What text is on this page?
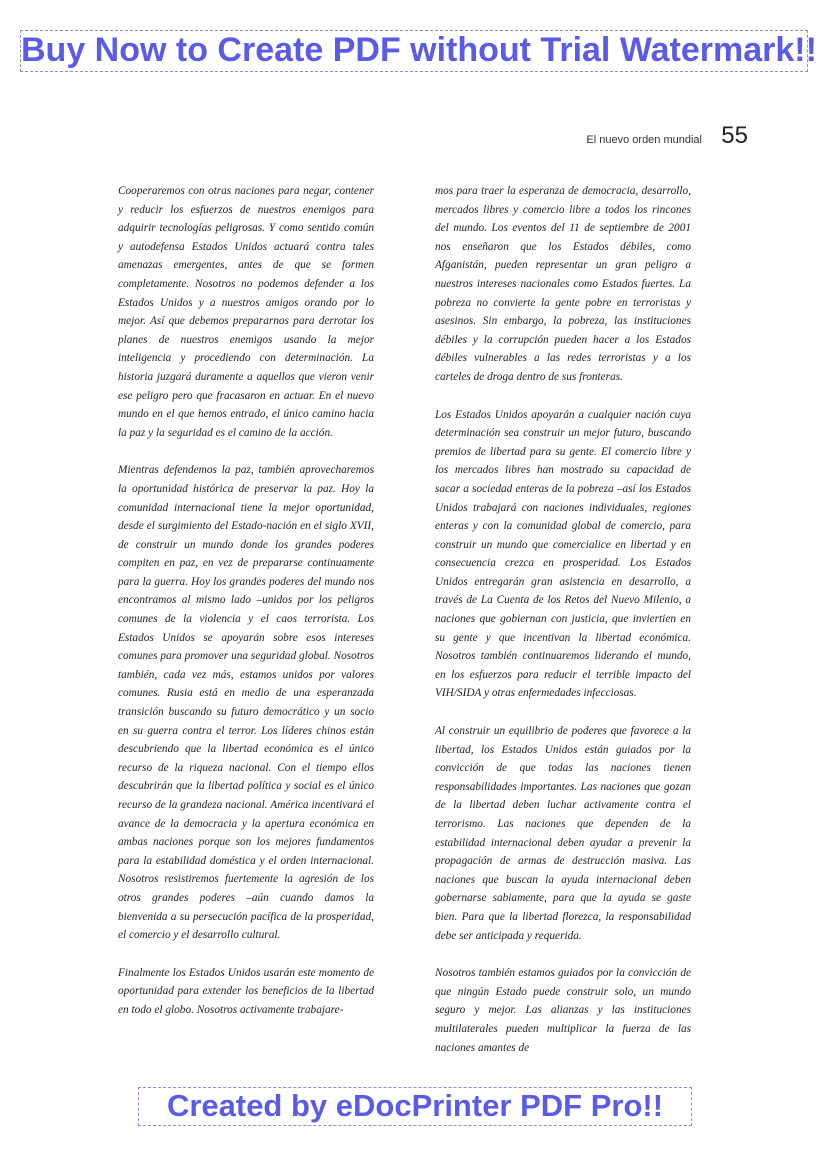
Buy Now to Create PDF without Trial Watermark!!
El nuevo orden mundial 55

Cooperaremos con otras naciones para negar, contener y reducir los esfuerzos de nuestros enemigos para adquirir tecnologías peligrosas. Y como sentido común y autodefensa Estados Unidos actuará contra tales amenazas emergentes, antes de que se formen completamente. Nosotros no podemos defender a los Estados Unidos y a nuestros amigos orando por lo mejor. Así que debemos prepararnos para derrotar los planes de nuestros enemigos usando la mejor inteligencia y procediendo con determinación. La historia juzgará duramente a aquellos que vieron venir ese peligro pero que fracasaron en actuar. En el nuevo mundo en el que hemos entrado, el único camino hacia la paz y la seguridad es el camino de la acción.

Mientras defendemos la paz, también aprovecharemos la oportunidad histórica de preservar la paz. Hoy la comunidad internacional tiene la mejor oportunidad, desde el surgimiento del Estado-nación en el siglo XVII, de construir un mundo donde los grandes poderes compiten en paz, en vez de prepararse continuamente para la guerra. Hoy los grandes poderes del mundo nos encontramos al mismo lado –unidos por los peligros comunes de la violencia y el caos terrorista. Los Estados Unidos se apoyarán sobre esos intereses comunes para promover una seguridad global. Nosotros también, cada vez más, estamos unidos por valores comunes. Rusia está en medio de una esperanzada transición buscando su futuro democrático y un socio en su guerra contra el terror. Los líderes chinos están descubriendo que la libertad económica es el único recurso de la riqueza nacional. Con el tiempo ellos descubrirán que la libertad política y social es el único recurso de la grandeza nacional. América incentivará el avance de la democracia y la apertura económica en ambas naciones porque son los mejores fundamentos para la estabilidad doméstica y el orden internacional. Nosotros resistiremos fuertemente la agresión de los otros grandes poderes –aún cuando damos la bienvenida a su persecución pacífica de la prosperidad, el comercio y el desarrollo cultural.

Finalmente los Estados Unidos usarán este momento de oportunidad para extender los beneficios de la libertad en todo el globo. Nosotros activamente trabajare-

mos para traer la esperanza de democracia, desarrollo, mercados libres y comercio libre a todos los rincones del mundo. Los eventos del 11 de septiembre de 2001 nos enseñaron que los Estados débiles, como Afganistán, pueden representar un gran peligro a nuestros intereses nacionales como Estados fuertes. La pobreza no convierte la gente pobre en terroristas y asesinos. Sin embargo, la pobreza, las instituciones débiles y la corrupción pueden hacer a los Estados débiles vulnerables a las redes terroristas y a los carteles de droga dentro de sus fronteras.

Los Estados Unidos apoyarán a cualquier nación cuya determinación sea construir un mejor futuro, buscando premios de libertad para su gente. El comercio libre y los mercados libres han mostrado su capacidad de sacar a sociedad enteras de la pobreza –así los Estados Unidos trabajará con naciones individuales, regiones enteras y con la comunidad global de comercio, para construir un mundo que comercialice en libertad y en consecuencia crezca en prosperidad. Los Estados Unidos entregarán gran asistencia en desarrollo, a través de La Cuenta de los Retos del Nuevo Milenio, a naciones que gobiernan con justicia, que inviertien en su gente y que incentivan la libertad económica. Nosotros también continuaremos liderando el mundo, en los esfuerzos para reducir el terrible impacto del VIH/SIDA y otras enfermedades infecciosas.

Al construir un equilibrio de poderes que favorece a la libertad, los Estados Unidos están guiados por la convicción de que todas las naciones tienen responsabilidades importantes. Las naciones que gozan de la libertad deben luchar activamente contra el terrorismo. Las naciones que dependen de la estabilidad internacional deben ayudar a prevenir la propagación de armas de destrucción masiva. Las naciones que buscan la ayuda internacional deben gobernarse sabiamente, para que la ayuda se gaste bien. Para que la libertad florezca, la responsabilidad debe ser anticipada y requerida.

Nosotros también estamos guiados por la convicción de que ningún Estado puede construir solo, un mundo seguro y mejor. Las alianzas y las instituciones multilaterales pueden multiplicar la fuerza de las naciones amantes de

Created by eDocPrinter PDF Pro!!
